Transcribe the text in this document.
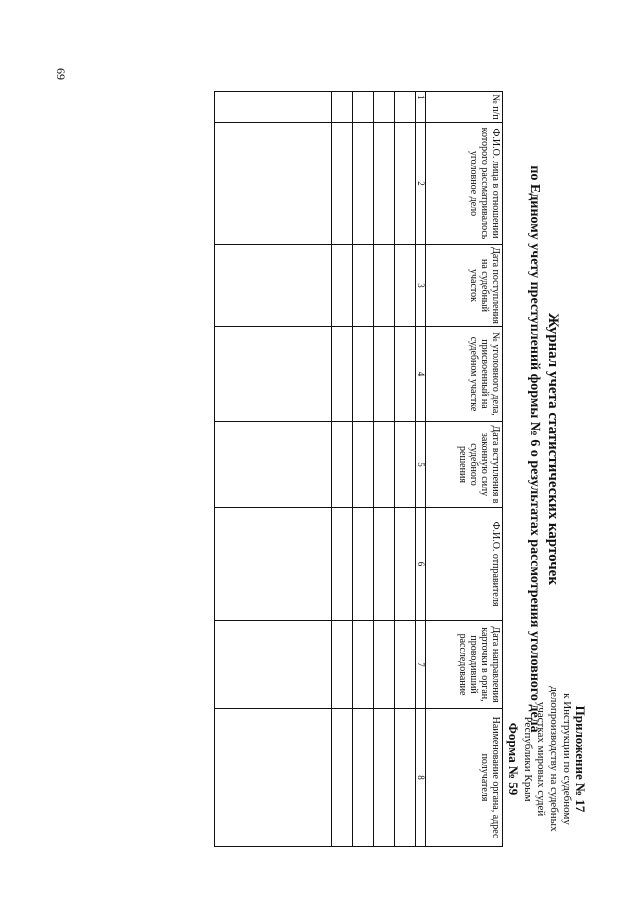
Приложение № 17
к Инструкции по судебному
делопроизводству на судебных
участках мировых судей
Республики Крым
Форма № 59
Журнал учета статистических карточек
по Единому учету преступлений формы № 6 о результатах рассмотрения уголовного дела
№ п/п	Ф.И.О. лица в отношении которого рассматривалось уголовное дело	Дата поступления на судебный участок	№ уголовного дела, присвоенный на судебном участке	Дата вступления в законную силу судебного решения	Ф.И.О. отправителя	Дата направления карточки в орган, проводивший расследование	Наименование органа, адрес получателя
1	2	3	4	5	6	7	8

69
